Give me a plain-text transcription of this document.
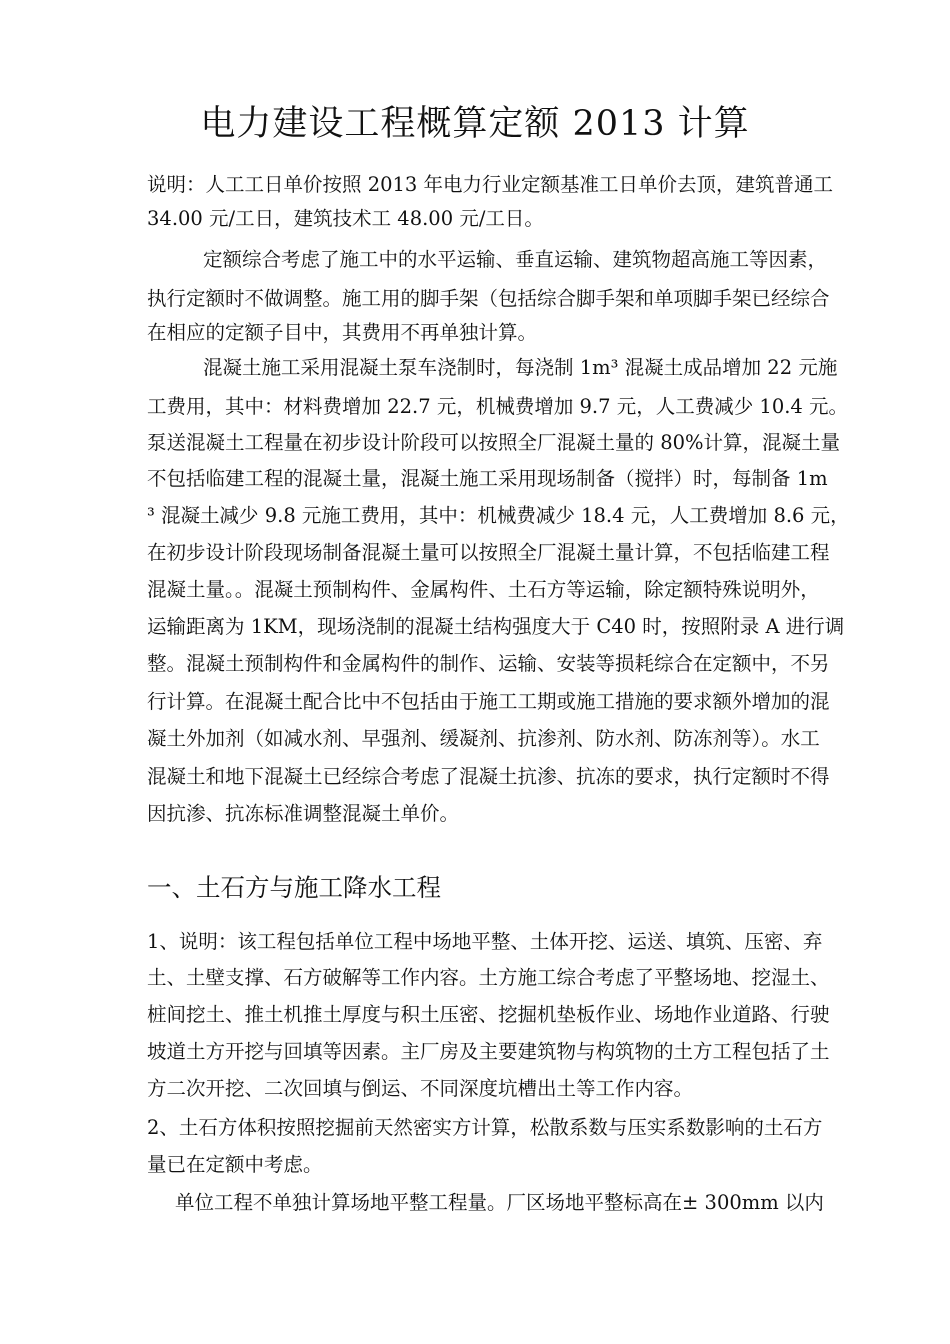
电力建设工程概算定额 2013 计算
说明：人工工日单价按照 2013 年电力行业定额基准工日单价去顶，建筑普通工
34.00 元/工日，建筑技术工 48.00 元/工日。
定额综合考虑了施工中的水平运输、垂直运输、建筑物超高施工等因素，
执行定额时不做调整。施工用的脚手架（包括综合脚手架和单项脚手架已经综合
在相应的定额子目中，其费用不再单独计算。
混凝土施工采用混凝土泵车浇制时，每浇制 1m³ 混凝土成品增加 22 元施
工费用，其中：材料费增加 22.7 元，机械费增加 9.7 元，人工费减少 10.4 元。
泵送混凝土工程量在初步设计阶段可以按照全厂混凝土量的 80%计算，混凝土量
不包括临建工程的混凝土量，混凝土施工采用现场制备（搅拌）时，每制备 1m
³ 混凝土减少 9.8 元施工费用，其中：机械费减少 18.4 元，人工费增加 8.6 元，
在初步设计阶段现场制备混凝土量可以按照全厂混凝土量计算，不包括临建工程
混凝土量。。混凝土预制构件、金属构件、土石方等运输，除定额特殊说明外，
运输距离为 1KM，现场浇制的混凝土结构强度大于 C40 时，按照附录 A 进行调
整。混凝土预制构件和金属构件的制作、运输、安装等损耗综合在定额中，不另
行计算。在混凝土配合比中不包括由于施工工期或施工措施的要求额外增加的混
凝土外加剂（如减水剂、早强剂、缓凝剂、抗渗剂、防水剂、防冻剂等）。水工
混凝土和地下混凝土已经综合考虑了混凝土抗渗、抗冻的要求，执行定额时不得
因抗渗、抗冻标准调整混凝土单价。
一、土石方与施工降水工程
1、说明：该工程包括单位工程中场地平整、土体开挖、运送、填筑、压密、弃
土、土壁支撑、石方破解等工作内容。土方施工综合考虑了平整场地、挖湿土、
桩间挖土、推土机推土厚度与积土压密、挖掘机垫板作业、场地作业道路、行驶
坡道土方开挖与回填等因素。主厂房及主要建筑物与构筑物的土方工程包括了土
方二次开挖、二次回填与倒运、不同深度坑槽出土等工作内容。
2、土石方体积按照挖掘前天然密实方计算，松散系数与压实系数影响的土石方
量已在定额中考虑。
单位工程不单独计算场地平整工程量。厂区场地平整标高在± 300mm 以内
